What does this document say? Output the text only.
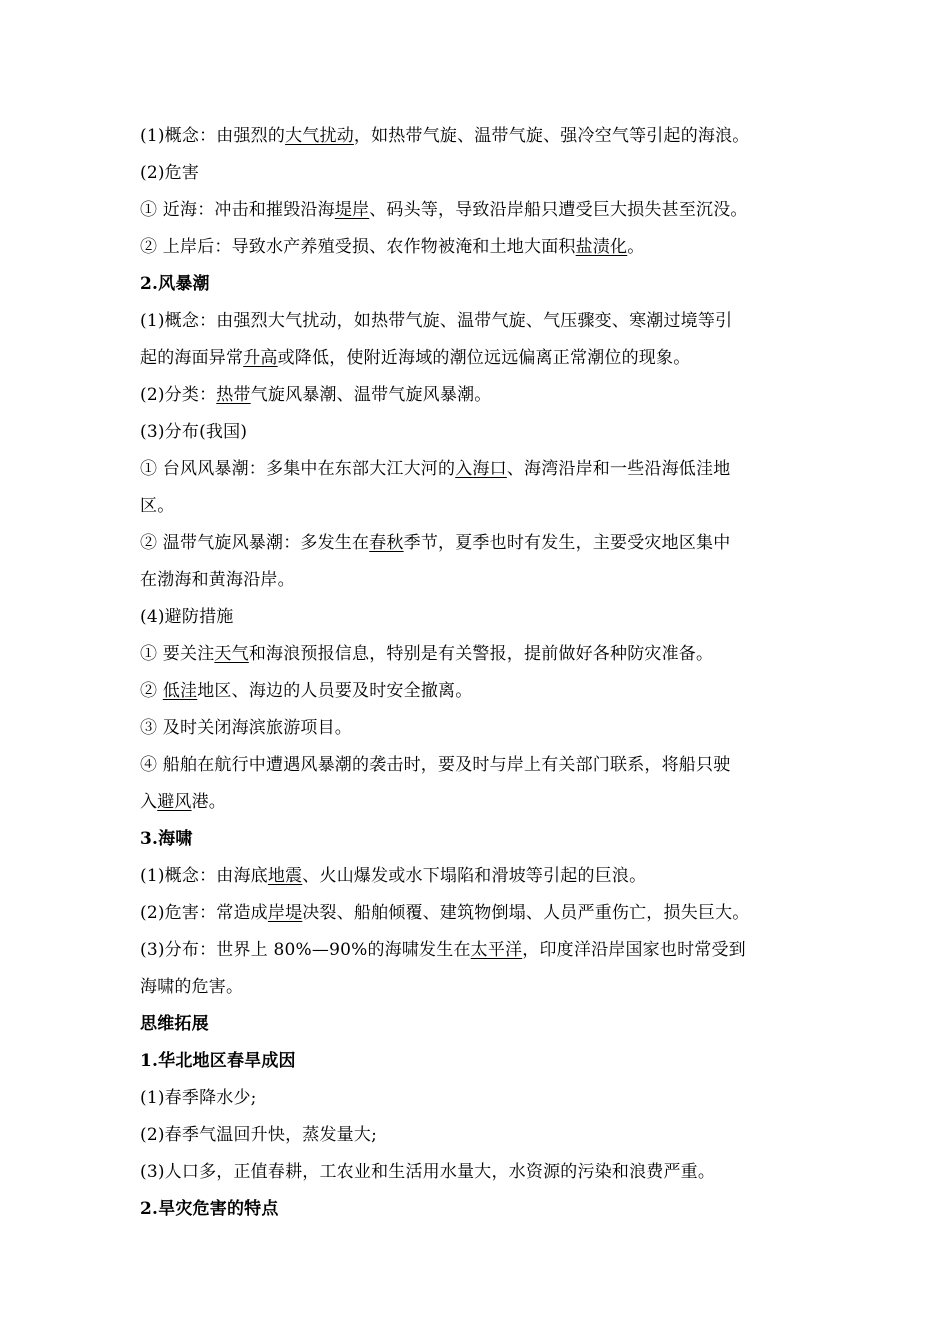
(1)概念：由强烈的大气扰动，如热带气旋、温带气旋、强冷空气等引起的海浪。
(2)危害
① 近海：冲击和摧毁沿海堤岸、码头等，导致沿岸船只遭受巨大损失甚至沉没。
② 上岸后：导致水产养殖受损、农作物被淹和土地大面积盐渍化。
2.风暴潮
(1)概念：由强烈大气扰动，如热带气旋、温带气旋、气压骤变、寒潮过境等引
起的海面异常升高或降低，使附近海域的潮位远远偏离正常潮位的现象。
(2)分类：热带气旋风暴潮、温带气旋风暴潮。
(3)分布(我国)
① 台风风暴潮：多集中在东部大江大河的入海口、海湾沿岸和一些沿海低洼地
区。
② 温带气旋风暴潮：多发生在春秋季节，夏季也时有发生，主要受灾地区集中
在渤海和黄海沿岸。
(4)避防措施
① 要关注天气和海浪预报信息，特别是有关警报，提前做好各种防灾准备。
② 低洼地区、海边的人员要及时安全撤离。
③ 及时关闭海滨旅游项目。
④ 船舶在航行中遭遇风暴潮的袭击时，要及时与岸上有关部门联系，将船只驶
入避风港。
3.海啸
(1)概念：由海底地震、火山爆发或水下塌陷和滑坡等引起的巨浪。
(2)危害：常造成岸堤决裂、船舶倾覆、建筑物倒塌、人员严重伤亡，损失巨大。
(3)分布：世界上 80%—90%的海啸发生在太平洋，印度洋沿岸国家也时常受到
海啸的危害。
思维拓展
1.华北地区春旱成因
(1)春季降水少;
(2)春季气温回升快，蒸发量大;
(3)人口多，正值春耕，工农业和生活用水量大，水资源的污染和浪费严重。
2.旱灾危害的特点
